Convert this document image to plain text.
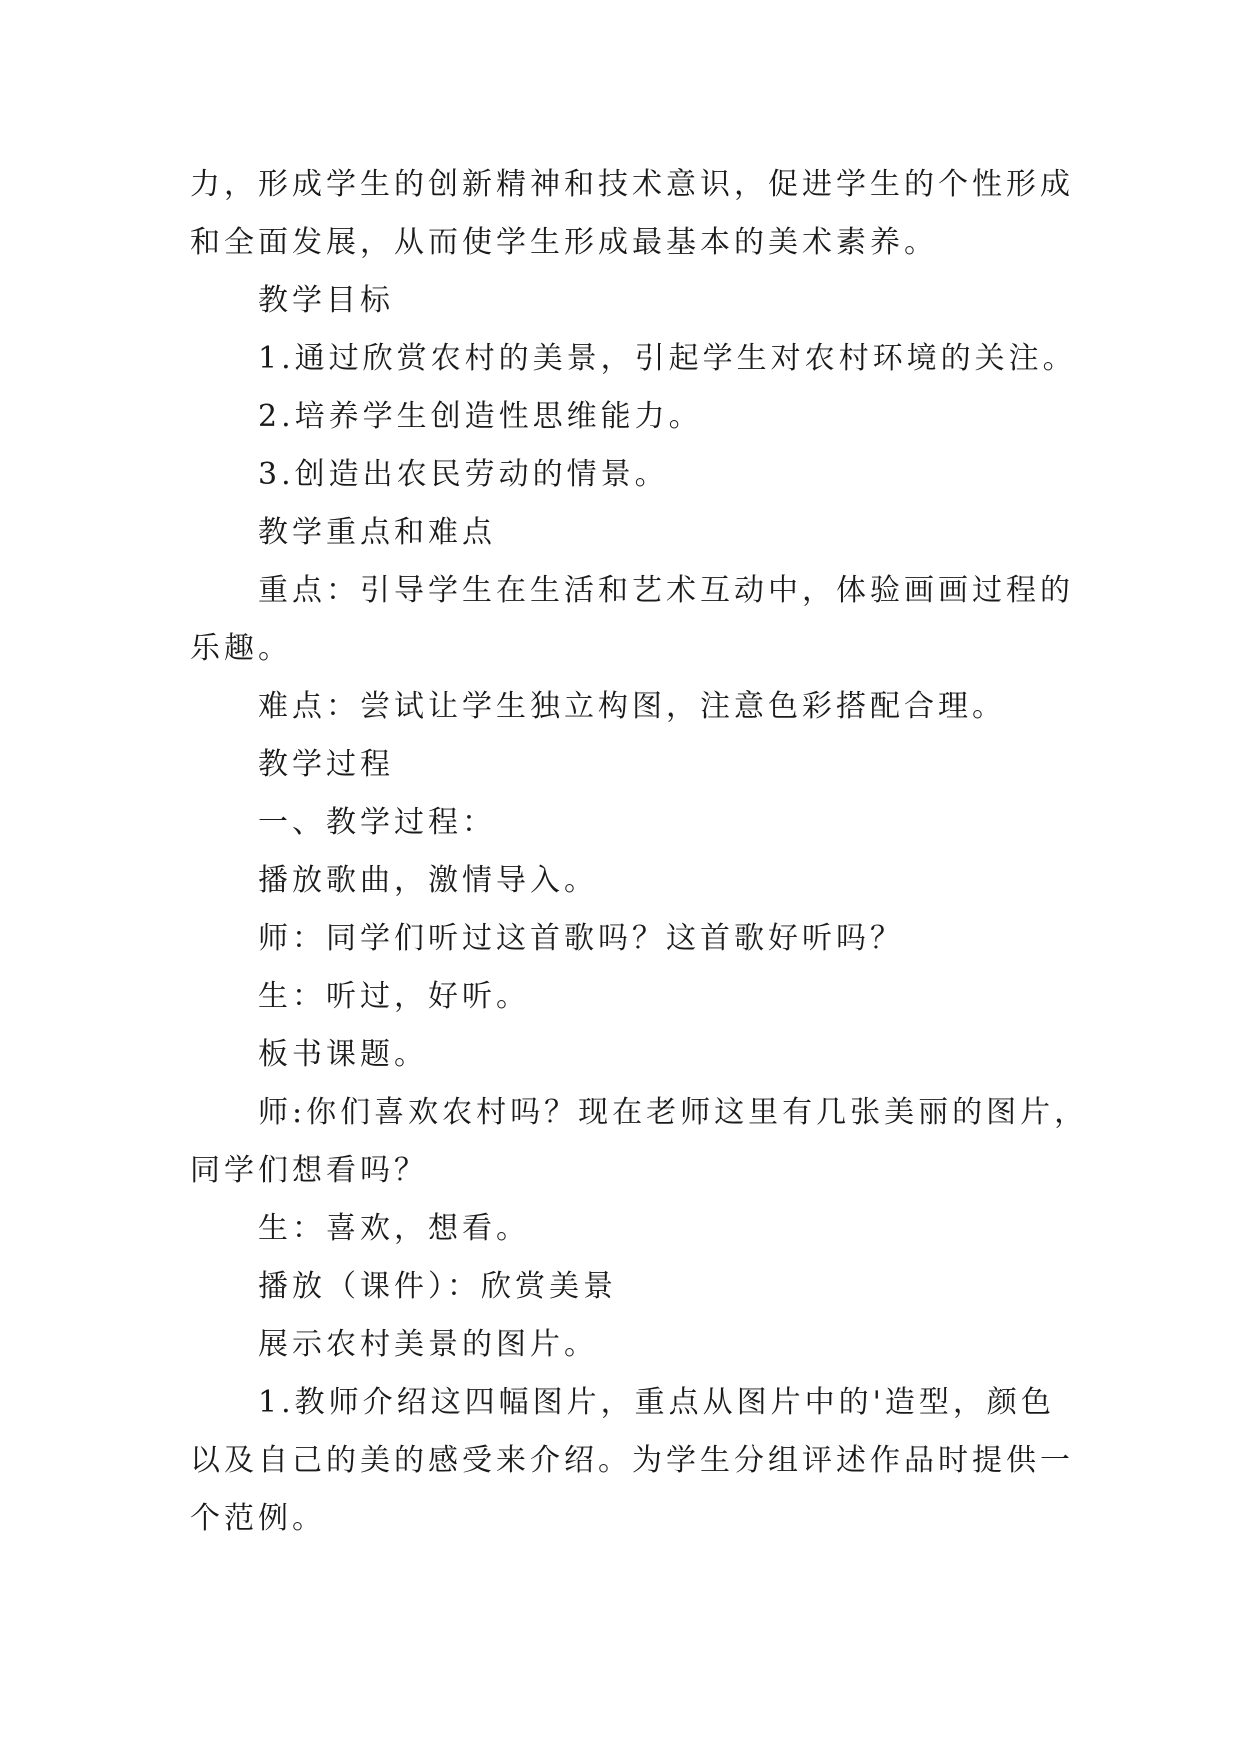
力，形成学生的创新精神和技术意识，促进学生的个性形成
和全面发展，从而使学生形成最基本的美术素养。
教学目标
1.通过欣赏农村的美景，引起学生对农村环境的关注。
2.培养学生创造性思维能力。
3.创造出农民劳动的情景。
教学重点和难点
重点：引导学生在生活和艺术互动中，体验画画过程的
乐趣。
难点：尝试让学生独立构图，注意色彩搭配合理。
教学过程
一、教学过程：
播放歌曲，激情导入。
师：同学们听过这首歌吗？这首歌好听吗？
生：听过，好听。
板书课题。
师:你们喜欢农村吗？现在老师这里有几张美丽的图片，
同学们想看吗？
生：喜欢，想看。
播放（课件）：欣赏美景
展示农村美景的图片。
1.教师介绍这四幅图片，重点从图片中的'造型，颜色
以及自己的美的感受来介绍。为学生分组评述作品时提供一
个范例。
